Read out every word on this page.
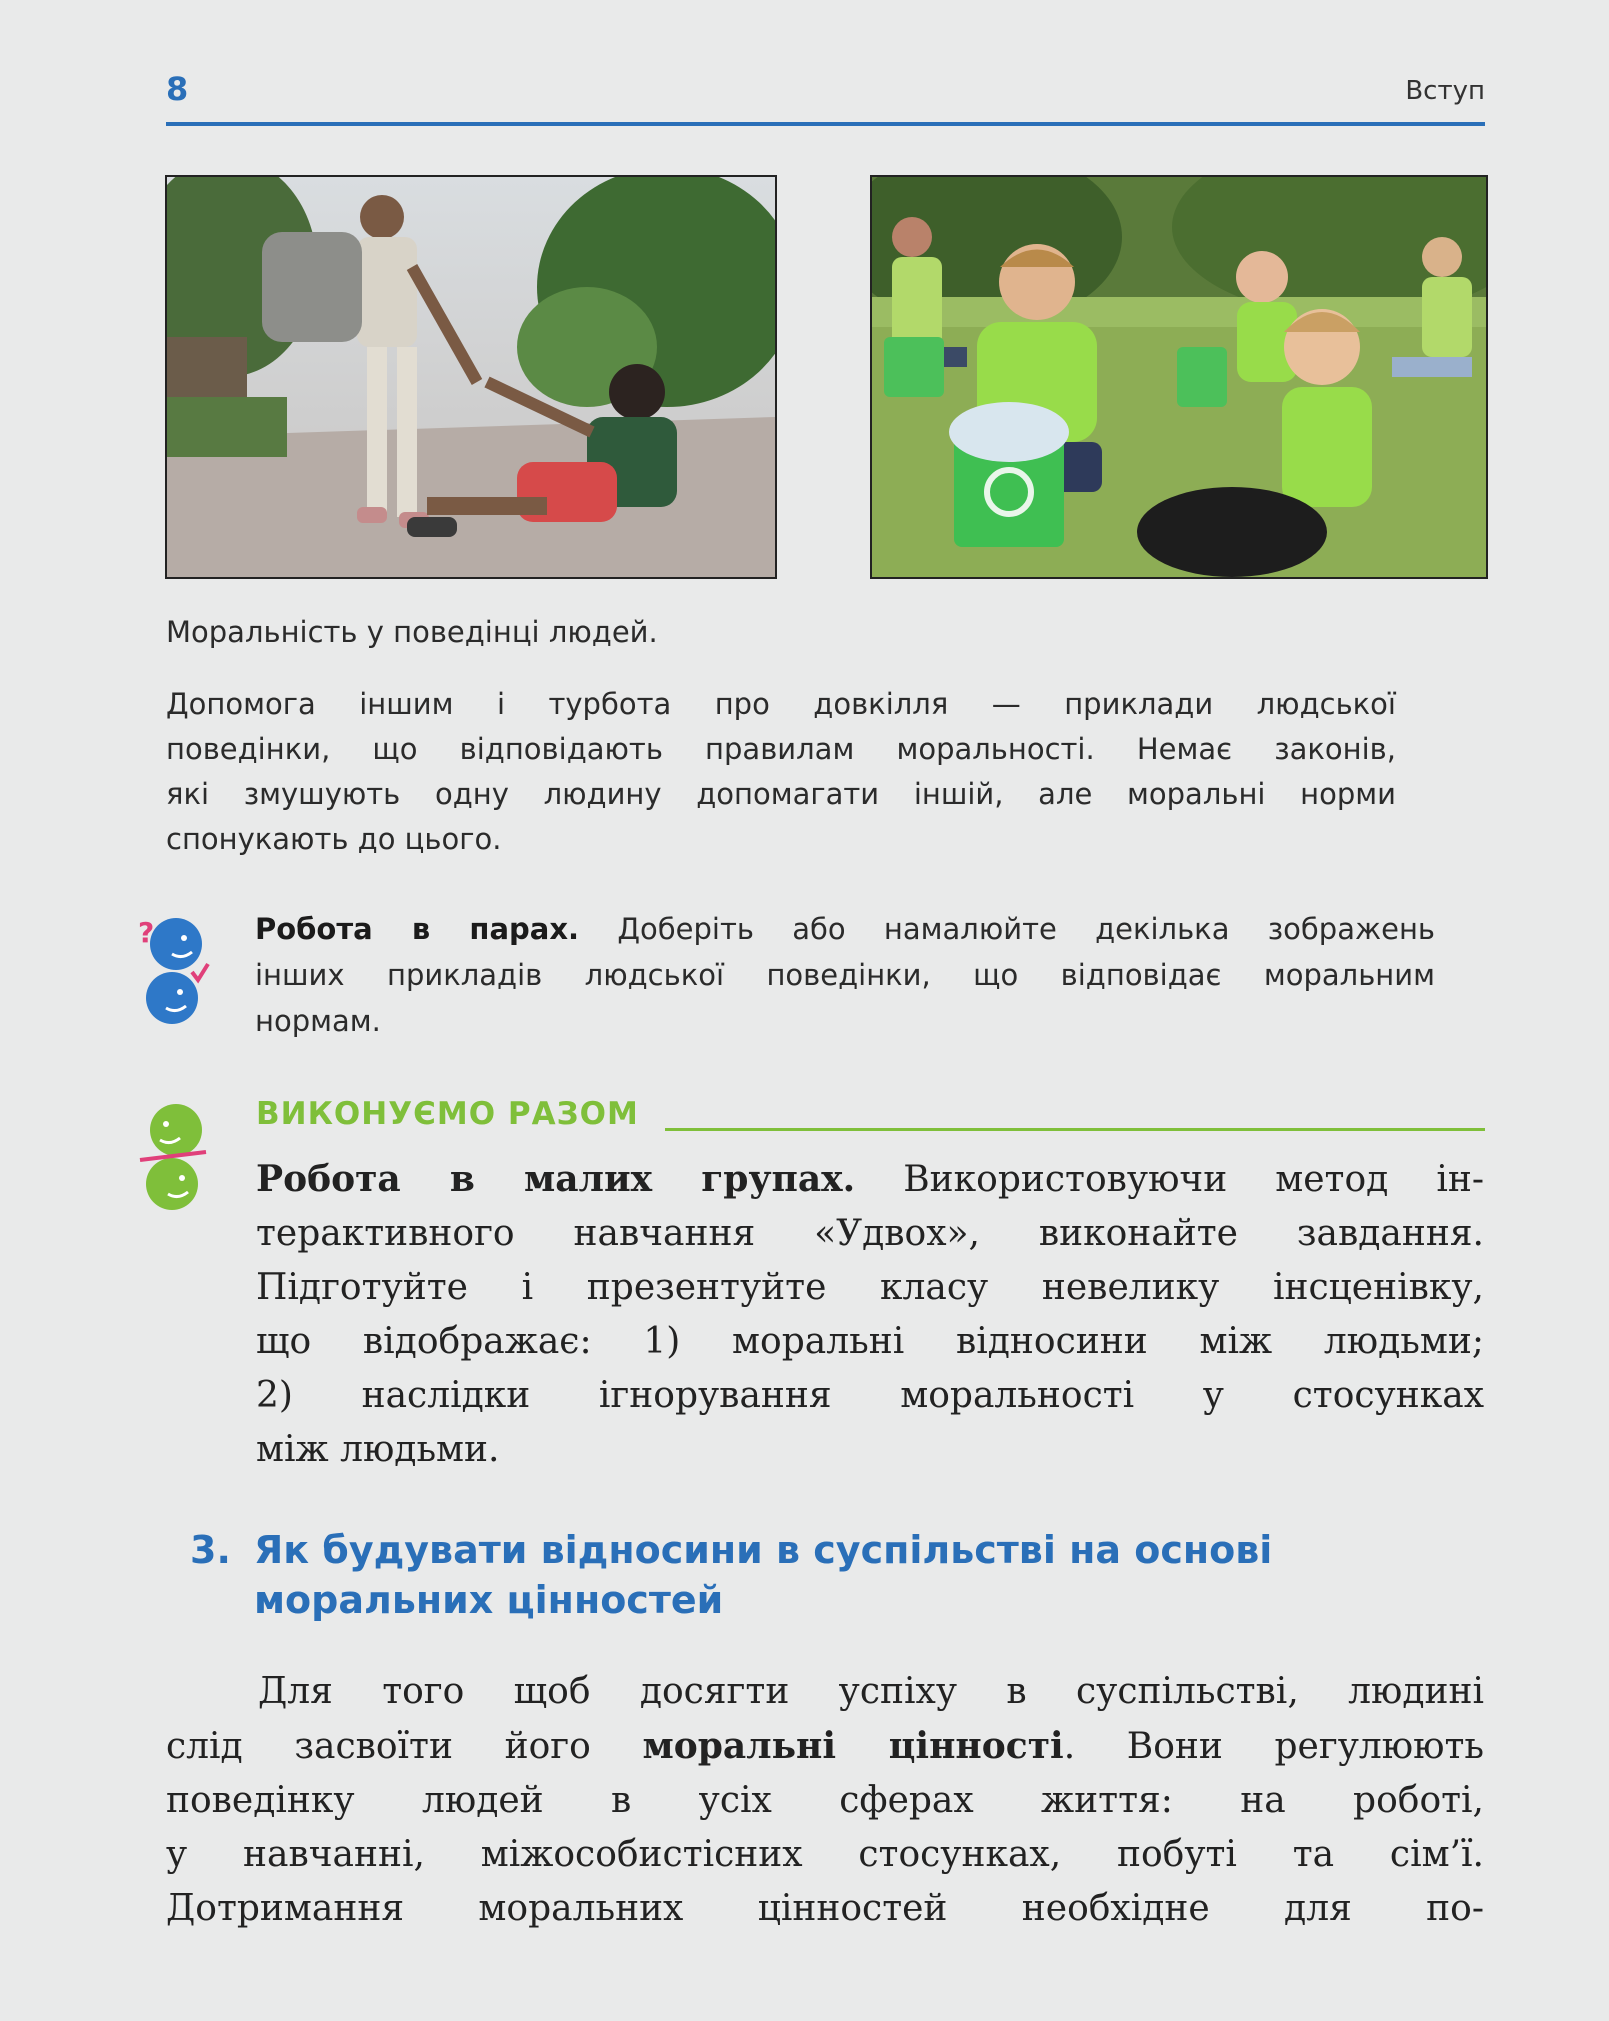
8	Вступ
Моральність у поведінці людей.
Допомога іншим і турбота про довкілля — приклади людської
поведінки, що відповідають правилам моральності. Немає законів,
які змушують одну людину допомагати іншій, але моральні норми
спонукають до цього.
?	Робота в парах. Доберіть або намалюйте декілька зображень
інших прикладів людської поведінки, що відповідає моральним
нормам.
ВИКОНУЄМО РАЗОМ
Робота в малих групах. Використовуючи метод ін-
терактивного навчання «Удвох», виконайте завдання.
Підготуйте і презентуйте класу невелику інсценівку,
що відображає: 1) моральні відносини між людьми;
2) наслідки ігнорування моральності у стосунках
між людьми.
3. Як будувати відносини в суспільстві на основі
моральних цінностей
Для того щоб досягти успіху в суспільстві, людині
слід засвоїти його моральні цінності. Вони регулюють
поведінку людей в усіх сферах життя: на роботі,
у навчанні, міжособистісних стосунках, побуті та сім’ї.
Дотримання моральних цінностей необхідне для по-
